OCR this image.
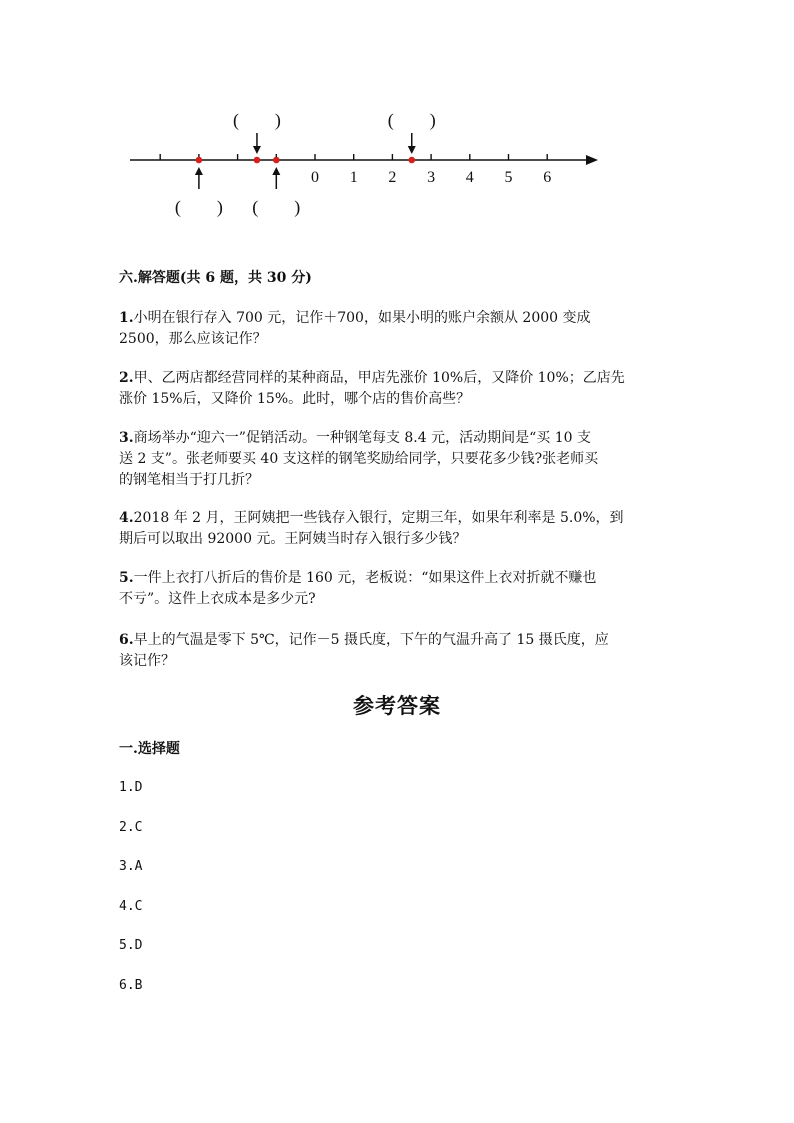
0 1 2 3 4 5 6
(　　)	(　　)
(　　) (　　)

六.解答题(共 6 题，共 30 分)

1.小明在银行存入 700 元，记作＋700，如果小明的账户余额从 2000 变成
2500，那么应该记作？
2.甲、乙两店都经营同样的某种商品，甲店先涨价 10%后，又降价 10%；乙店先
涨价 15%后，又降价 15%。此时，哪个店的售价高些？
3.商场举办“迎六一”促销活动。一种钢笔每支 8.4 元，活动期间是“买 10 支
送 2 支”。张老师要买 40 支这样的钢笔奖励给同学，只要花多少钱?张老师买
的钢笔相当于打几折？
4.2018 年 2 月，王阿姨把一些钱存入银行，定期三年，如果年利率是 5.0%，到
期后可以取出 92000 元。王阿姨当时存入银行多少钱？
5.一件上衣打八折后的售价是 160 元，老板说：“如果这件上衣对折就不赚也
不亏”。这件上衣成本是多少元?
6.早上的气温是零下 5℃，记作－5 摄氏度，下午的气温升高了 15 摄氏度，应
该记作？

参考答案

一.选择题

1.D

2.C

3.A

4.C

5.D

6.B
